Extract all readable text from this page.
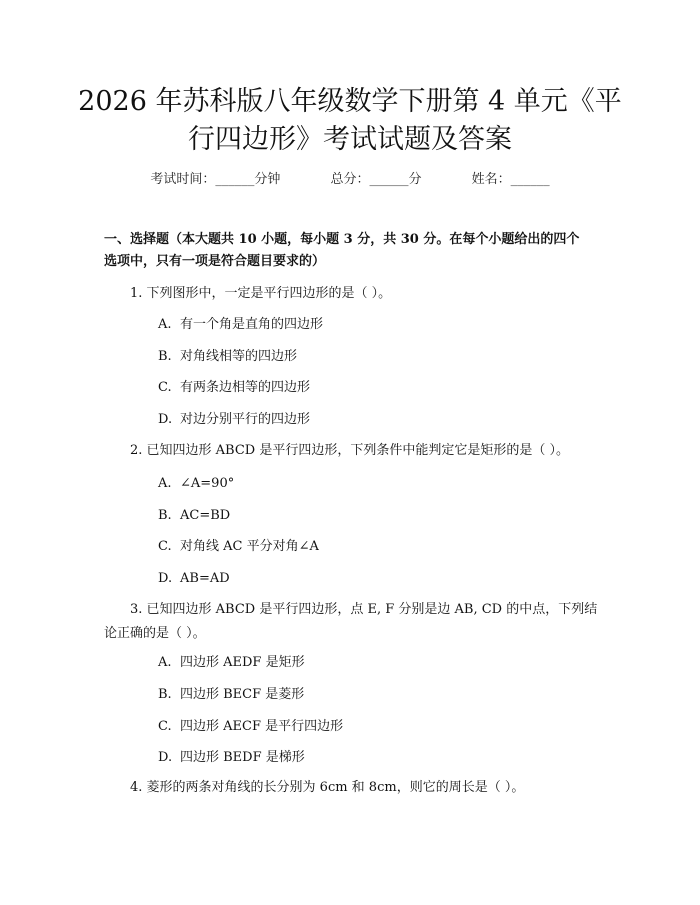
2026 年苏科版八年级数学下册第 4 单元《平
行四边形》考试试题及答案
考试时间：______分钟	总分：______分	姓名：______
一、选择题（本大题共 10 小题，每小题 3 分，共 30 分。在每个小题给出的四个
选项中，只有一项是符合题目要求的）
1. 下列图形中，一定是平行四边形的是（ ）。
A. 有一个角是直角的四边形
B. 对角线相等的四边形
C. 有两条边相等的四边形
D. 对边分别平行的四边形
2. 已知四边形 ABCD 是平行四边形，下列条件中能判定它是矩形的是（ ）。
A. ∠A=90°
B. AC=BD
C. 对角线 AC 平分对角∠A
D. AB=AD
3. 已知四边形 ABCD 是平行四边形，点 E, F 分别是边 AB, CD 的中点，下列结论正确的是（ ）。
A. 四边形 AEDF 是矩形
B. 四边形 BECF 是菱形
C. 四边形 AECF 是平行四边形
D. 四边形 BEDF 是梯形
4. 菱形的两条对角线的长分别为 6cm 和 8cm，则它的周长是（ ）。
